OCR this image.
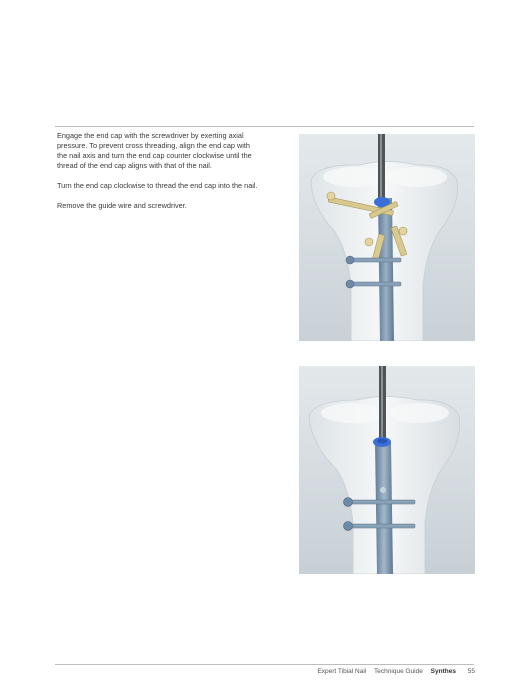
Engage the end cap with the screwdriver by exerting axial pressure. To prevent cross threading, align the end cap with the nail axis and turn the end cap counter clockwise until the thread of the end cap aligns with that of the nail.

Turn the end cap clockwise to thread the end cap into the nail.

Remove the guide wire and screwdriver.

Expert Tibial Nail Technique Guide Synthes 55
